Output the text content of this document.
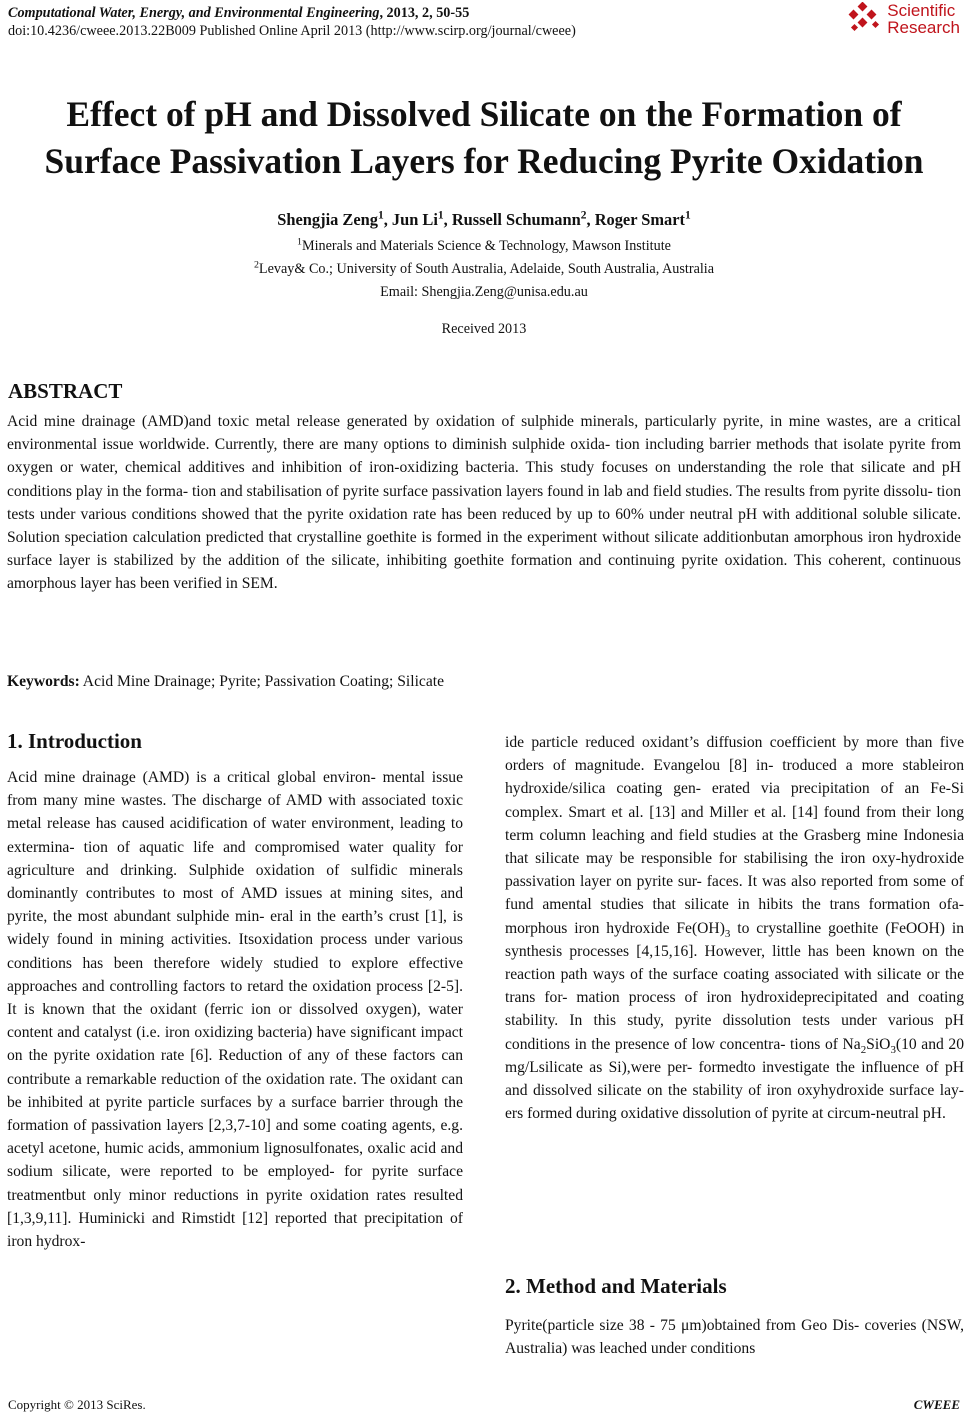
Computational Water, Energy, and Environmental Engineering, 2013, 2, 50-55
doi:10.4236/cweee.2013.22B009 Published Online April 2013 (http://www.scirp.org/journal/cweee)
Scientific
Research
Effect of pH and Dissolved Silicate on the Formation of
Surface Passivation Layers for Reducing Pyrite Oxidation
Shengjia Zeng$^1$, Jun Li$^1$, Russell Schumann$^2$, Roger Smart$^1$
$^1$Minerals and Materials Science & Technology, Mawson Institute
$^2$Levay& Co.; University of South Australia, Adelaide, South Australia, Australia
Email: Shengjia.Zeng@unisa.edu.au
Received 2013
ABSTRACT

Acid mine drainage (AMD)and toxic metal release generated by oxidation of sulphide minerals, particularly pyrite, in mine wastes, are a critical environmental issue worldwide. Currently, there are many options to diminish sulphide oxida- tion including barrier methods that isolate pyrite from oxygen or water, chemical additives and inhibition of iron-oxidizing bacteria. This study focuses on understanding the role that silicate and pH conditions play in the forma- tion and stabilisation of pyrite surface passivation layers found in lab and field studies. The results from pyrite dissolu- tion tests under various conditions showed that the pyrite oxidation rate has been reduced by up to 60% under neutral pH with additional soluble silicate. Solution speciation calculation predicted that crystalline goethite is formed in the experiment without silicate additionbutan amorphous iron hydroxide surface layer is stabilized by the addition of the silicate, inhibiting goethite formation and continuing pyrite oxidation. This coherent, continuous amorphous layer has been verified in SEM.

Keywords: Acid Mine Drainage; Pyrite; Passivation Coating; Silicate
1. Introduction

Acid mine drainage (AMD) is a critical global environ- mental issue from many mine wastes. The discharge of AMD with associated toxic metal release has caused acidification of water environment, leading to extermina- tion of aquatic life and compromised water quality for agriculture and drinking. Sulphide oxidation of sulfidic minerals dominantly contributes to most of AMD issues at mining sites, and pyrite, the most abundant sulphide min- eral in the earth’s crust [1], is widely found in mining activities. Itsoxidation process under various conditions has been therefore widely studied to explore effective approaches and controlling factors to retard the oxidation process [2-5]. It is known that the oxidant (ferric ion or dissolved oxygen), water content and catalyst (i.e. iron oxidizing bacteria) have significant impact on the pyrite oxidation rate [6]. Reduction of any of these factors can contribute a remarkable reduction of the oxidation rate. The oxidant can be inhibited at pyrite particle surfaces by a surface barrier through the formation of passivation layers [2,3,7-10] and some coating agents, e.g. acetyl acetone, humic acids, ammonium lignosulfonates, oxalic acid and sodium silicate, were reported to be employed- for pyrite surface treatmentbut only minor reductions in pyrite oxidation rates resulted [1,3,9,11]. Huminicki and Rimstidt [12] reported that precipitation of iron hydrox-

ide particle reduced oxidant’s diffusion coefficient by more than five orders of magnitude. Evangelou [8] in- troduced a more stableiron hydroxide/silica coating gen- erated via precipitation of an Fe-Si complex. Smart et al. [13] and Miller et al. [14] found from their long term column leaching and field studies at the Grasberg mine Indonesia that silicate may be responsible for stabilising the iron oxy-hydroxide passivation layer on pyrite sur- faces. It was also reported from some of fund amental studies that silicate in hibits the trans formation ofa- morphous iron hydroxide $Fe(OH)_3$ to crystalline goethite (FeOOH) in synthesis processes [4,15,16]. However, little has been known on the reaction path ways of the surface coating associated with silicate or the trans for- mation process of iron hydroxideprecipitated and coating stability. In this study, pyrite dissolution tests under various pH conditions in the presence of low concentra- tions of $Na_2SiO_3(10$ and 20 mg/Lsilicate as Si),were per- formedto investigate the influence of pH and dissolved silicate on the stability of iron oxyhydroxide surface lay- ers formed during oxidative dissolution of pyrite at circum-neutral pH.

2. Method and Materials

Pyrite(particle size 38 - 75 μm)obtained from Geo Dis- coveries (NSW, Australia) was leached under conditions

Copyright © 2013 SciRes.	CWEEE
